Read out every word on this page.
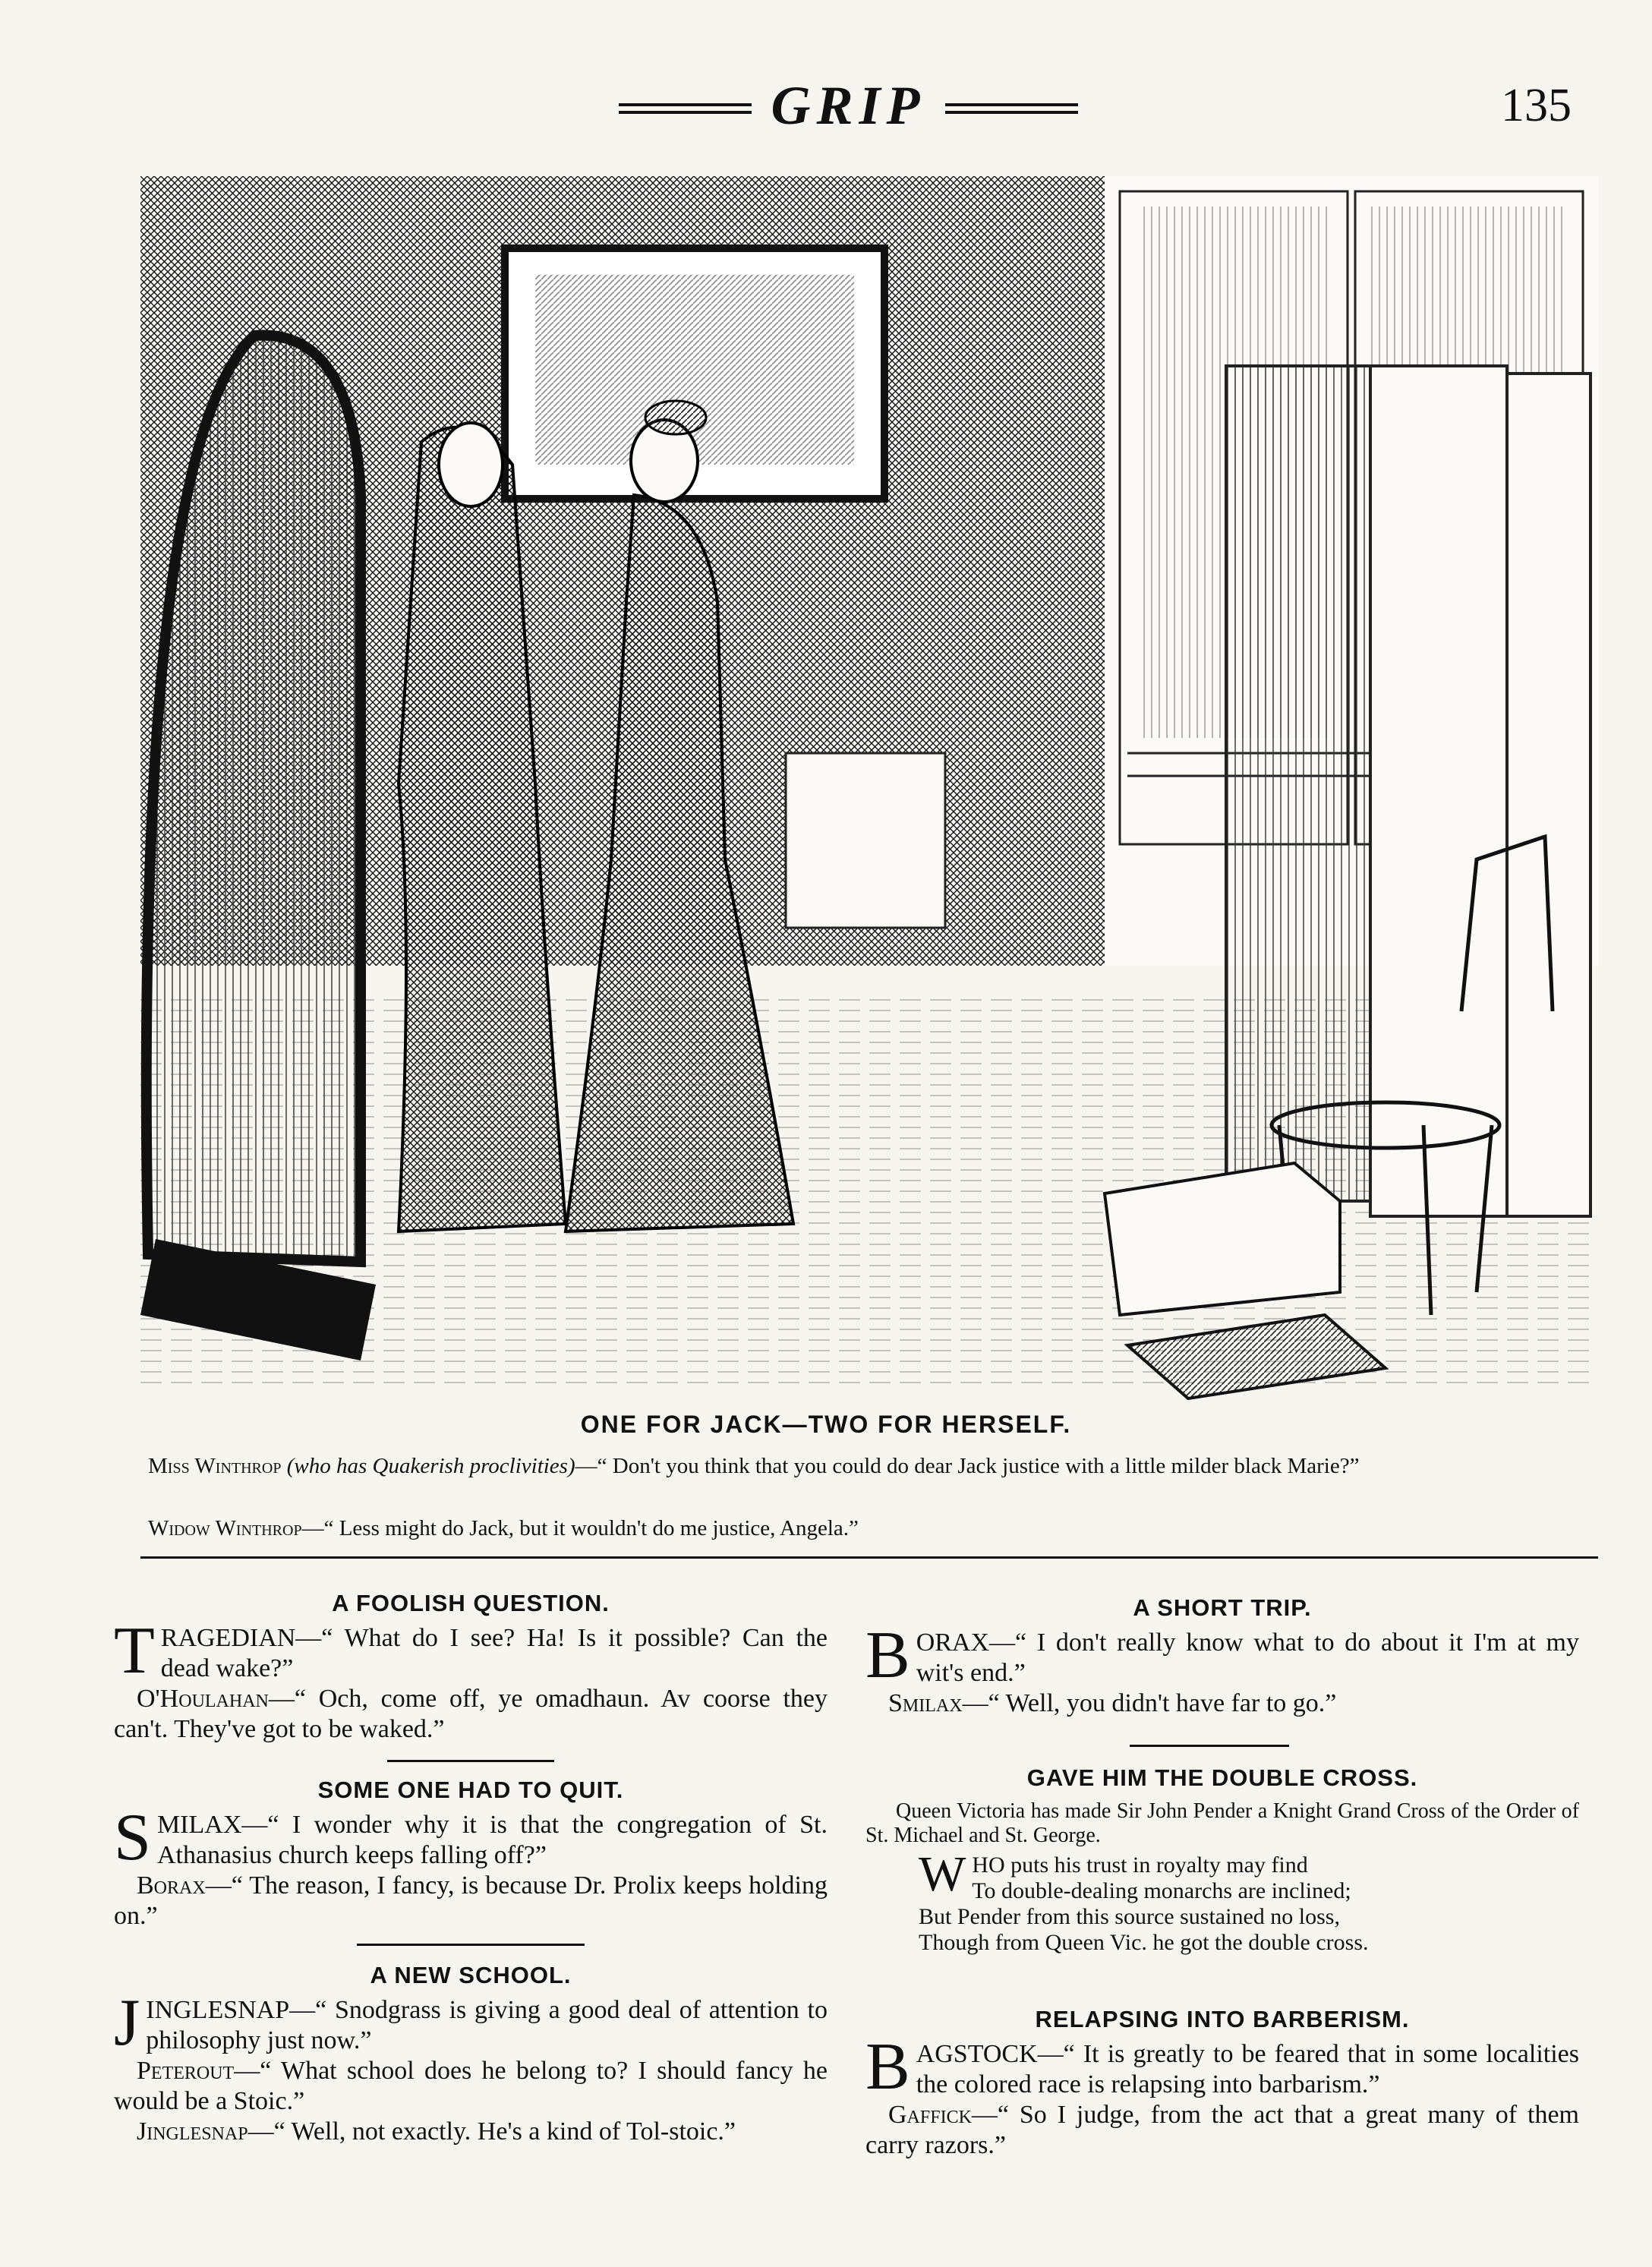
GRIP	135
ONE FOR JACK—TWO FOR HERSELF.
Miss Winthrop (who has Quakerish proclivities)—“ Don't you think that you could do dear Jack justice with a little milder black Marie?”
Widow Winthrop—“ Less might do Jack, but it wouldn't do me justice, Angela.”
A FOOLISH QUESTION.
TRAGEDIAN—“ What do I see? Ha! Is it possible? Can the dead wake?”
O'Houlahan—“ Och, come off, ye omadhaun. Av coorse they can't. They've got to be waked.”
SOME ONE HAD TO QUIT.
SMILAX—“ I wonder why it is that the congregation of St. Athanasius church keeps falling off?”
Borax—“ The reason, I fancy, is because Dr. Prolix keeps holding on.”
A NEW SCHOOL.
JINGLESNAP—“ Snodgrass is giving a good deal of attention to philosophy just now.”
Peterout—“ What school does he belong to? I should fancy he would be a Stoic.”
Jinglesnap—“ Well, not exactly. He's a kind of Tol-stoic.”
A SHORT TRIP.
BORAX—“ I don't really know what to do about it I'm at my wit's end.”
Smilax—“ Well, you didn't have far to go.”
GAVE HIM THE DOUBLE CROSS.
Queen Victoria has made Sir John Pender a Knight Grand Cross of the Order of St. Michael and St. George.
WHO puts his trust in royalty may find
To double-dealing monarchs are inclined;
But Pender from this source sustained no loss,
Though from Queen Vic. he got the double cross.
RELAPSING INTO BARBERISM.
BAGSTOCK—“ It is greatly to be feared that in some localities the colored race is relapsing into barbarism.”
Gaffick—“ So I judge, from the act that a great many of them carry razors.”
